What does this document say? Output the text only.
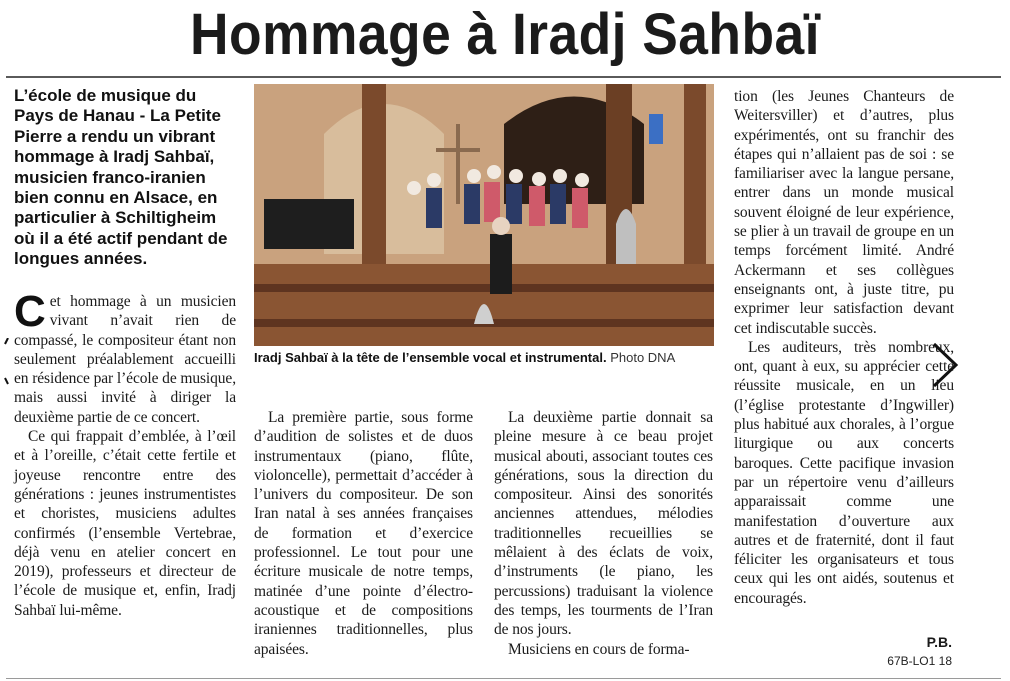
Hommage à Iradj Sahbaï
L’école de musique du Pays de Hanau - La Petite Pierre a rendu un vibrant hommage à Iradj Sahbaï, musicien franco-iranien bien connu en Alsace, en particulier à Schiltigheim où il a été actif pendant de longues années.

Cet hommage à un musicien vivant n’avait rien de compassé, le compositeur étant non seulement préalablement accueilli en résidence par l’école de musique, mais aussi invité à diriger la deuxième partie de ce concert.

Ce qui frappait d’emblée, à l’œil et à l’oreille, c’était cette fertile et joyeuse rencontre entre des générations : jeunes instrumentistes et choristes, musiciens adultes confirmés (l’ensemble Vertebrae, déjà venu en atelier concert en 2019), professeurs et directeur de l’école de musique et, enfin, Iradj Sahbaï lui-même.

Iradj Sahbaï à la tête de l’ensemble vocal et instrumental. Photo DNA

La première partie, sous forme d’audition de solistes et de duos instrumentaux (piano, flûte, violoncelle), permettait d’accéder à l’univers du compositeur. De son Iran natal à ses années françaises de formation et d’exercice professionnel. Le tout pour une écriture musicale de notre temps, matinée d’une pointe d’électro-acoustique et de compositions iraniennes traditionnelles, plus apaisées.

La deuxième partie donnait sa pleine mesure à ce beau projet musical abouti, associant toutes ces générations, sous la direction du compositeur. Ainsi des sonorités anciennes attendues, mélodies traditionnelles recueillies se mêlaient à des éclats de voix, d’instruments (le piano, les percussions) traduisant la violence des temps, les tourments de l’Iran de nos jours.

Musiciens en cours de forma-

tion (les Jeunes Chanteurs de Weitersviller) et d’autres, plus expérimentés, ont su franchir des étapes qui n’allaient pas de soi : se familiariser avec la langue persane, entrer dans un monde musical souvent éloigné de leur expérience, se plier à un travail de groupe en un temps forcément limité. André Ackermann et ses collègues enseignants ont, à juste titre, pu exprimer leur satisfaction devant cet indiscutable succès.

Les auditeurs, très nombreux, ont, quant à eux, su apprécier cette réussite musicale, en un lieu (l’église protestante d’Ingwiller) plus habitué aux chorales, à l’orgue liturgique ou aux concerts baroques. Cette pacifique invasion par un répertoire venu d’ailleurs apparaissait comme une manifestation d’ouverture aux autres et de fraternité, dont il faut féliciter les organisateurs et tous ceux qui les ont aidés, soutenus et encouragés.

P.B.
67B-LO1 18
